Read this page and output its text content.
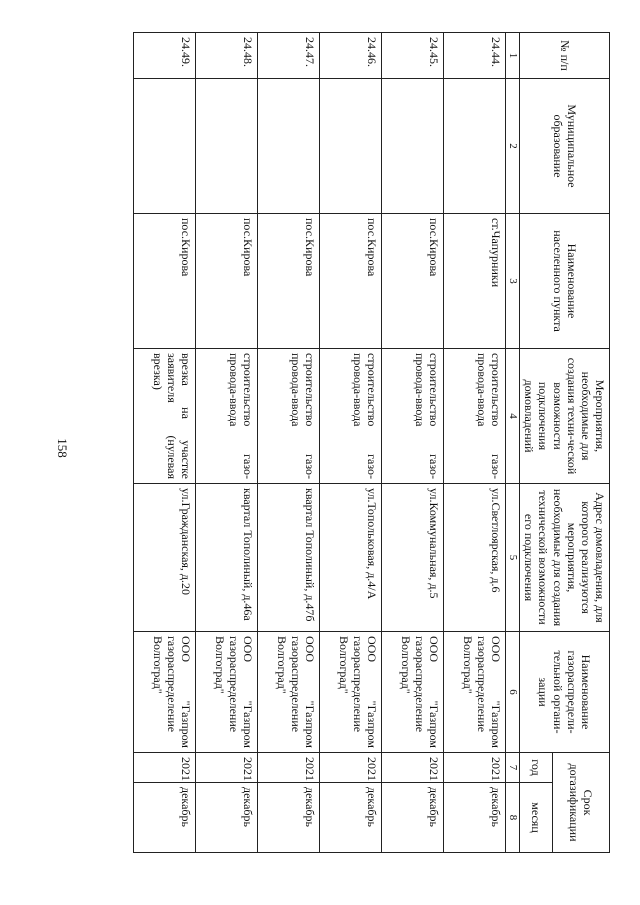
158
№ п/п	Муниципальное образование	Наименование населенного пункта	Мероприятия, необходимые для создания техни-ческой возможности подключения домовладений	Адрес домовладения, для которого реализуются мероприятия, необходимые для создания технической возможности его подключения	Наименование газораспредели-тельной органи-зации	Срок догазификации	
						год	месяц
1	2	3	4	5	6	7	8
24.44.		ст.Чапурники	строительство газо-провода-ввода	ул.Светлоярская, д.6	ООО "Газпром газораспределение Волгоград"	2021	декабрь
24.45.		пос.Кирова	строительство газо-провода-ввода	ул.Коммунальная, д.5	ООО "Газпром газораспределение Волгоград"	2021	декабрь
24.46.		пос.Кирова	строительство газо-провода-ввода	ул.Топольковая, д.4/А	ООО "Газпром газораспределение Волгоград"	2021	декабрь
24.47.		пос.Кирова	строительство газо-провода-ввода	квартал Тополиный, д.47б	ООО "Газпром газораспределение Волгоград"	2021	декабрь
24.48.		пос.Кирова	строительство газо-провода-ввода	квартал Тополиный, д.46а	ООО "Газпром газораспределение Волгоград"	2021	декабрь
24.49.		пос.Кирова	врезка на участке заявителя (нулевая врезка)	ул.Гражданская, д.20	ООО "Газпром газораспределение Волгоград"	2021	декабрь
